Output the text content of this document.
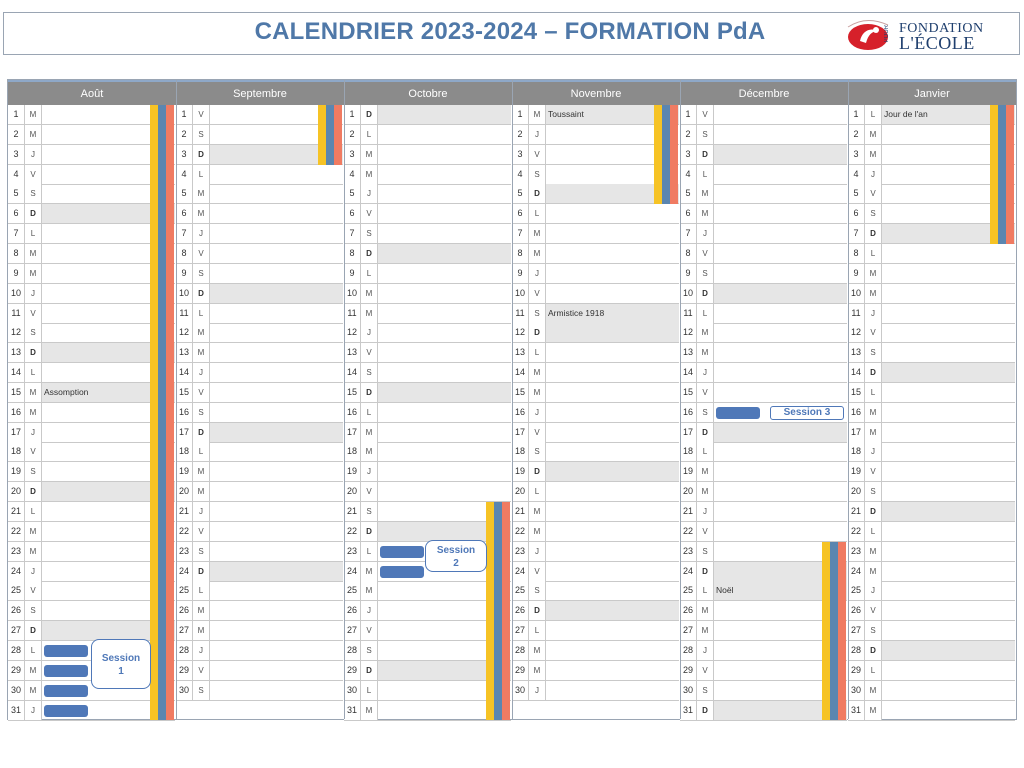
CALENDRIER 2023-2024 – FORMATION PdA	FONDATION
L'ÉCOLE
POUR
Août
1	M
2	M
3	J
4	V
5	S
6	D
7	L
8	M
9	M
10	J
11	V
12	S
13	D
14	L
15	M Assomption
16	M
17	J
18	V
19	S
20	D
21	L
22	M
23	M
24	J
25	V
26	S
27	D
28	L
29	M
30	M
31	J
Septembre
1	V
2	S
3	D
4	L
5	M
6	M
7	J
8	V
9	S
10	D
11	L
12	M
13	M
14	J
15	V
16	S
17	D
18	L
19	M
20	M
21	J
22	V
23	S
24	D
25	L
26	M
27	M
28	J
29	V
30	S
Octobre
1	D
2	L
3	M
4	M
5	J
6	V
7	S
8	D
9	L
10	M
11	M
12	J
13	V
14	S
15	D
16	L
17	M
18	M
19	J
20	V
21	S
22	D
23	L
24	M
25	M
26	J
27	V
28	S
29	D
30	L
31	M
Novembre
1	M Toussaint
2	J
3	V
4	S
5	D
6	L
7	M
8	M
9	J
10	V
11	S Armistice 1918
12	D
13	L
14	M
15	M
16	J
17	V
18	S
19	D
20	L
21	M
22	M
23	J
24	V
25	S
26	D
27	L
28	M
29	M
30	J
Décembre
1	V
2	S
3	D
4	L
5	M
6	M
7	J
8	V
9	S
10	D
11	L
12	M
13	M
14	J
15	V
16	S
17	D
18	L
19	M
20	M
21	J
22	V
23	S
24	D
25	L	Noël
26	M
27	M
28	J
29	V
30	S
31	D
Janvier
1	L	Jour de l'an
2	M
3	M
4	J
5	V
6	S
7	D
8	L
9	M
10	M
11	J
12	V
13	S
14	D
15	L
16	M
17	M
18	J
19	V
20	S
21	D
22	L
23	M
24	M
25	J
26	V
27	S
28	D
29	L
30	M
31	M
Session
1
Session
2
Session 3
